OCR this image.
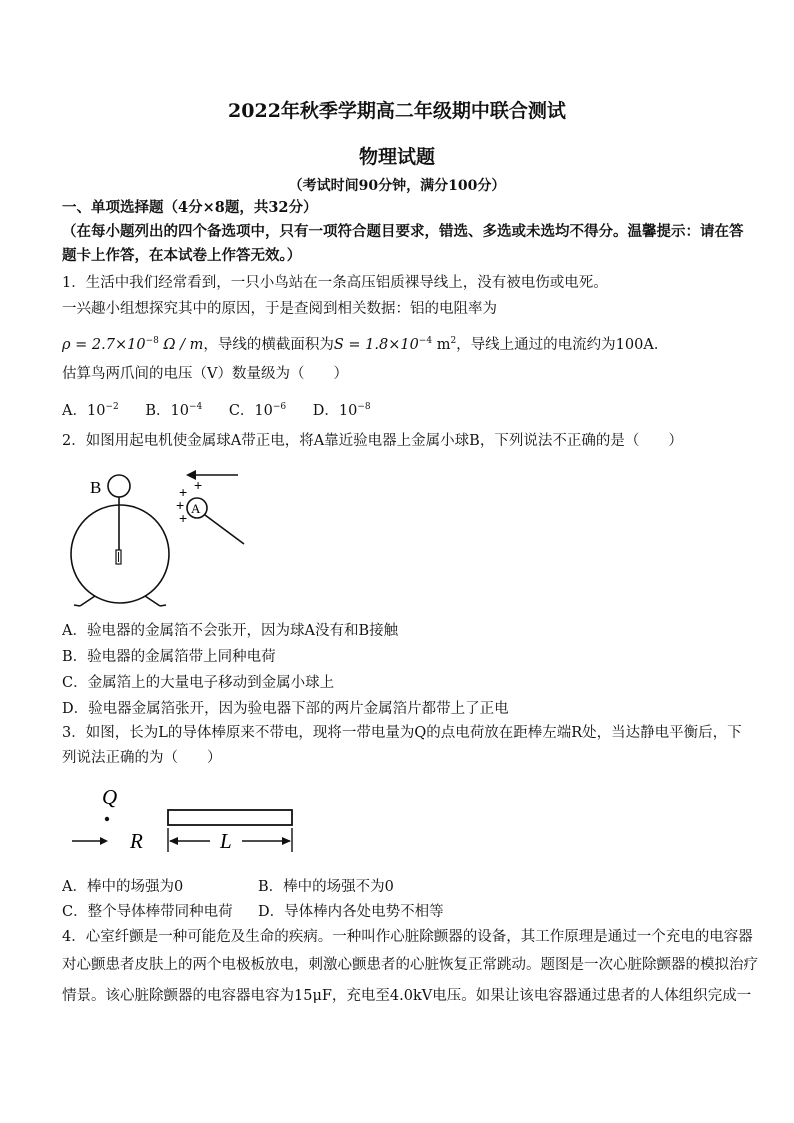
2022年秋季学期高二年级期中联合测试
物理试题
（考试时间90分钟，满分100分）
一、单项选择题（4分×8题，共32分）
（在每小题列出的四个备选项中，只有一项符合题目要求，错选、多选或未选均不得分。温馨提示：请在答
题卡上作答，在本试卷上作答无效。）
1．生活中我们经常看到，一只小鸟站在一条高压铝质裸导线上，没有被电伤或电死。
一兴趣小组想探究其中的原因，于是查阅到相关数据：铝的电阻率为
$\rho = 2.7\times 10^{-8}$ Ω / m，导线的横截面积为$S = 1.8\times 10^{-4}$ $m^2$，导线上通过的电流约为100A．
估算鸟两爪间的电压（V）数量级为（　　）
A．$10^{-2}$ B．$10^{-4}$ C．$10^{-6}$ D．$10^{-8}$
2．如图用起电机使金属球A带正电，将A靠近验电器上金属小球B，下列说法不正确的是（　　）
B
A
+ +
+
+
A．验电器的金属箔不会张开，因为球A没有和B接触
B．验电器的金属箔带上同种电荷
C．金属箔上的大量电子移动到金属小球上
D．验电器金属箔张开，因为验电器下部的两片金属箔片都带上了正电
3．如图，长为L的导体棒原来不带电，现将一带电量为Q的点电荷放在距棒左端R处，当达静电平衡后，下
列说法正确的为（　　）
Q
R	L
A．棒中的场强为0	B．棒中的场强不为0
C．整个导体棒带同种电荷 D．导体棒内各处电势不相等
4．心室纤颤是一种可能危及生命的疾病。一种叫作心脏除颤器的设备，其工作原理是通过一个充电的电容器
对心颤患者皮肤上的两个电极板放电，刺激心颤患者的心脏恢复正常跳动。题图是一次心脏除颤器的模拟治疗
情景。该心脏除颤器的电容器电容为15μF，充电至4.0kV电压。如果让该电容器通过患者的人体组织完成一
